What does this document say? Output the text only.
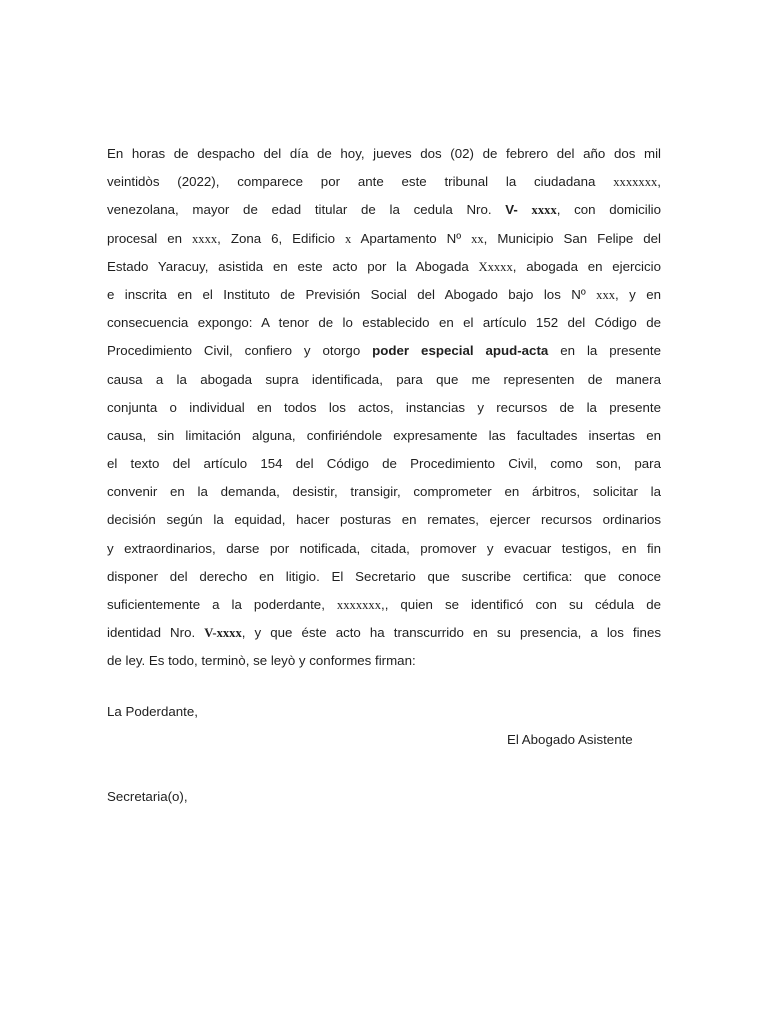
En horas de despacho del día de hoy, jueves dos (02) de febrero del año dos mil
veintidòs (2022), comparece por ante este tribunal la ciudadana xxxxxxx,
venezolana, mayor de edad titular de la cedula Nro. V- xxxx, con domicilio
procesal en xxxx, Zona 6, Edificio x Apartamento Nº xx, Municipio San Felipe del
Estado Yaracuy, asistida en este acto por la Abogada Xxxxx, abogada en ejercicio
e inscrita en el Instituto de Previsión Social del Abogado bajo los Nº xxx, y en
consecuencia expongo: A tenor de lo establecido en el artículo 152 del Código de
Procedimiento Civil, confiero y otorgo poder especial apud-acta en la presente
causa a la abogada supra identificada, para que me representen de manera
conjunta o individual en todos los actos, instancias y recursos de la presente
causa, sin limitación alguna, confiriéndole expresamente las facultades insertas en
el texto del artículo 154 del Código de Procedimiento Civil, como son, para
convenir en la demanda, desistir, transigir, comprometer en árbitros, solicitar la
decisión según la equidad, hacer posturas en remates, ejercer recursos ordinarios
y extraordinarios, darse por notificada, citada, promover y evacuar testigos, en fin
disponer del derecho en litigio. El Secretario que suscribe certifica: que conoce
suficientemente a la poderdante, xxxxxxx,, quien se identificó con su cédula de
identidad Nro. V-xxxx, y que éste acto ha transcurrido en su presencia, a los fines
de ley. Es todo, terminò, se leyò y conformes firman:

La Poderdante,

El Abogado Asistente

Secretaria(o),
